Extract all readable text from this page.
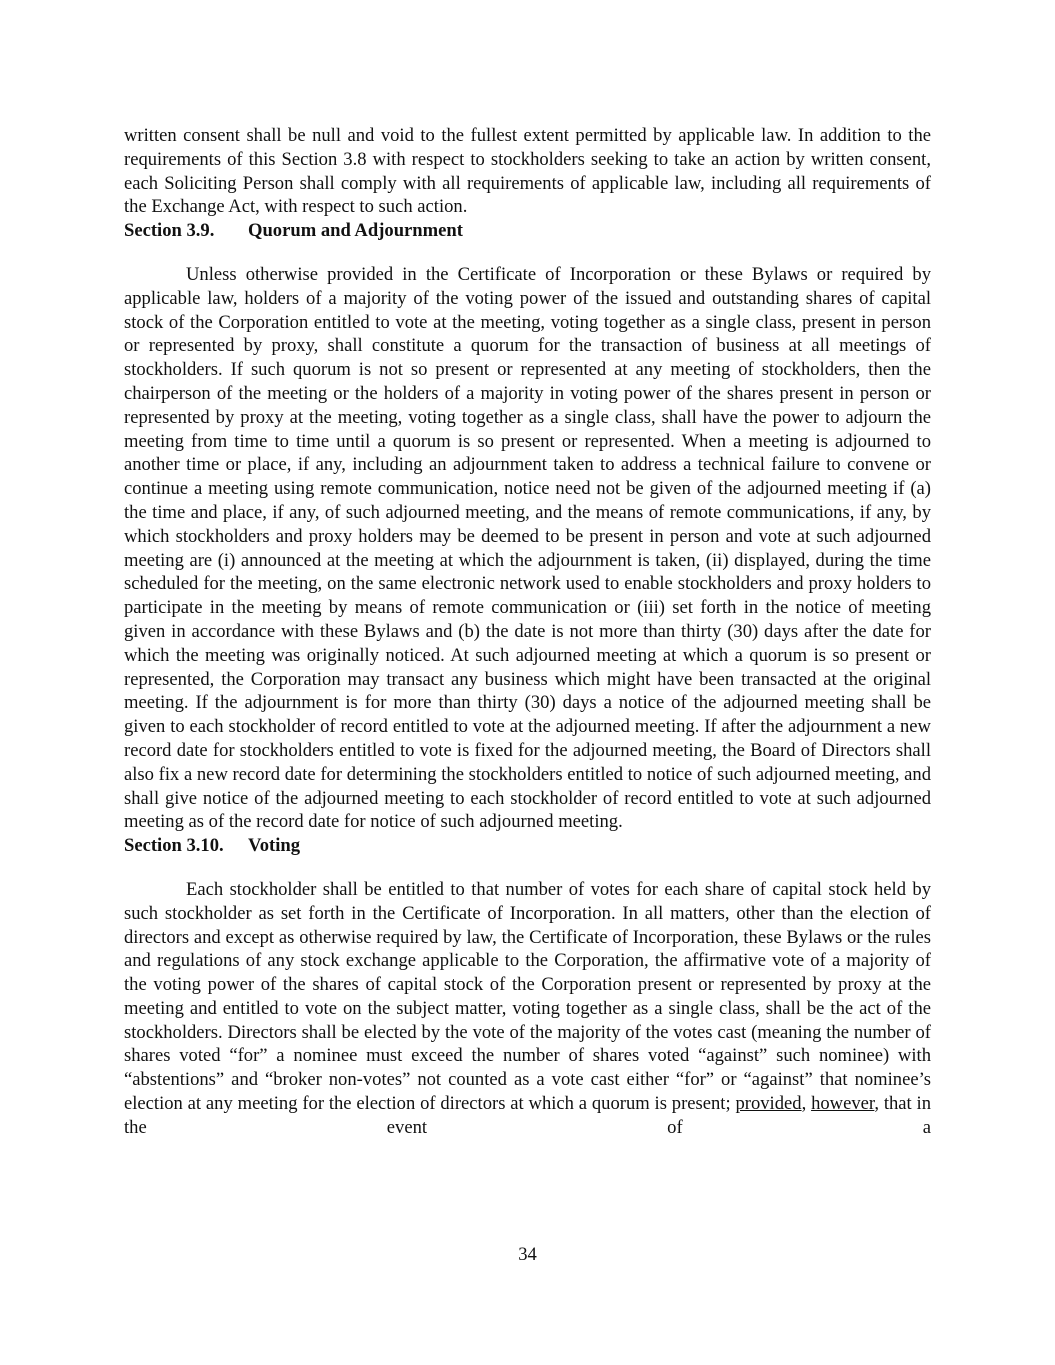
written consent shall be null and void to the fullest extent permitted by applicable law. In addition to the requirements of this Section 3.8 with respect to stockholders seeking to take an action by written consent, each Soliciting Person shall comply with all requirements of applicable law, including all requirements of the Exchange Act, with respect to such action.

Section 3.9.	Quorum and Adjournment

Unless otherwise provided in the Certificate of Incorporation or these Bylaws or required by applicable law, holders of a majority of the voting power of the issued and outstanding shares of capital stock of the Corporation entitled to vote at the meeting, voting together as a single class, present in person or represented by proxy, shall constitute a quorum for the transaction of business at all meetings of stockholders. If such quorum is not so present or represented at any meeting of stockholders, then the chairperson of the meeting or the holders of a majority in voting power of the shares present in person or represented by proxy at the meeting, voting together as a single class, shall have the power to adjourn the meeting from time to time until a quorum is so present or represented. When a meeting is adjourned to another time or place, if any, including an adjournment taken to address a technical failure to convene or continue a meeting using remote communication, notice need not be given of the adjourned meeting if (a) the time and place, if any, of such adjourned meeting, and the means of remote communications, if any, by which stockholders and proxy holders may be deemed to be present in person and vote at such adjourned meeting are (i) announced at the meeting at which the adjournment is taken, (ii) displayed, during the time scheduled for the meeting, on the same electronic network used to enable stockholders and proxy holders to participate in the meeting by means of remote communication or (iii) set forth in the notice of meeting given in accordance with these Bylaws and (b) the date is not more than thirty (30) days after the date for which the meeting was originally noticed. At such adjourned meeting at which a quorum is so present or represented, the Corporation may transact any business which might have been transacted at the original meeting. If the adjournment is for more than thirty (30) days a notice of the adjourned meeting shall be given to each stockholder of record entitled to vote at the adjourned meeting. If after the adjournment a new record date for stockholders entitled to vote is fixed for the adjourned meeting, the Board of Directors shall also fix a new record date for determining the stockholders entitled to notice of such adjourned meeting, and shall give notice of the adjourned meeting to each stockholder of record entitled to vote at such adjourned meeting as of the record date for notice of such adjourned meeting.

Section 3.10.	Voting

Each stockholder shall be entitled to that number of votes for each share of capital stock held by such stockholder as set forth in the Certificate of Incorporation. In all matters, other than the election of directors and except as otherwise required by law, the Certificate of Incorporation, these Bylaws or the rules and regulations of any stock exchange applicable to the Corporation, the affirmative vote of a majority of the voting power of the shares of capital stock of the Corporation present or represented by proxy at the meeting and entitled to vote on the subject matter, voting together as a single class, shall be the act of the stockholders. Directors shall be elected by the vote of the majority of the votes cast (meaning the number of shares voted “for” a nominee must exceed the number of shares voted “against” such nominee) with “abstentions” and “broker non-votes” not counted as a vote cast either “for” or “against” that nominee’s election at any meeting for the election of directors at which a quorum is present; provided, however, that in the event of a

34
